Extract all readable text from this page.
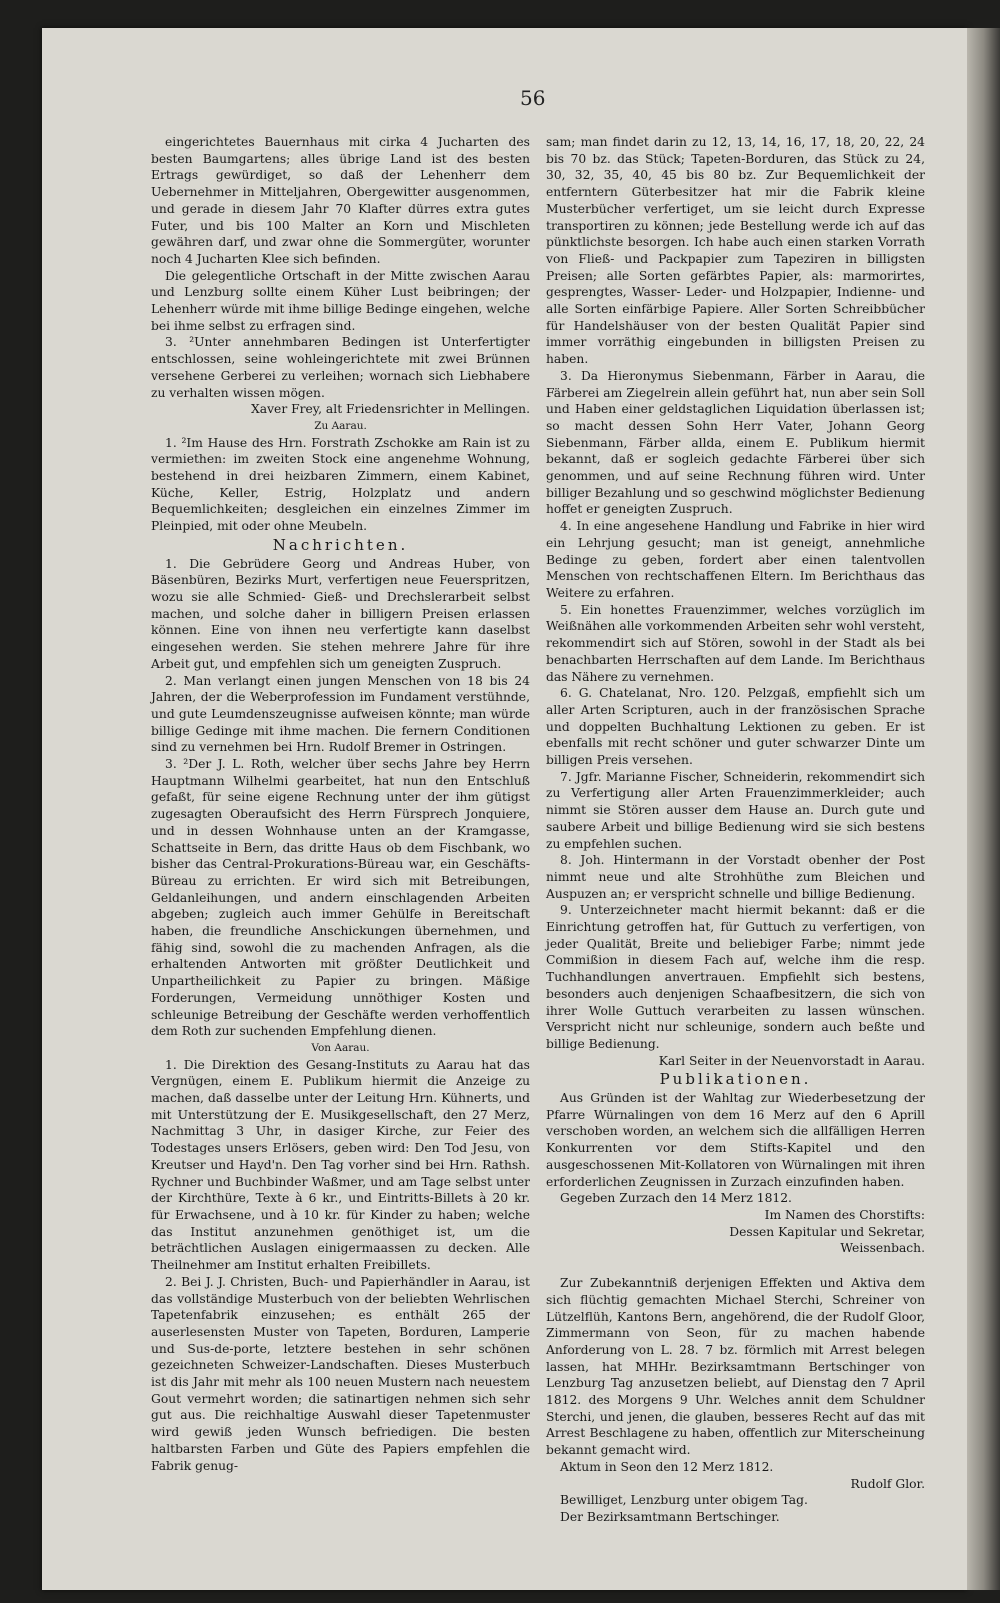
56

eingerichtetes Bauernhaus mit cirka 4 Jucharten des besten Baumgartens; alles übrige Land ist des besten Ertrags gewürdiget, so daß der Lehenherr dem Uebernehmer in Mitteljahren, Obergewitter ausgenommen, und gerade in diesem Jahr 70 Klafter dürres extra gutes Futer, und bis 100 Malter an Korn und Mischleten gewähren darf, und zwar ohne die Sommergüter, worunter noch 4 Jucharten Klee sich befinden.

Die gelegentliche Ortschaft in der Mitte zwischen Aarau und Lenzburg sollte einem Küher Lust beibringen; der Lehenherr würde mit ihme billige Bedinge eingehen, welche bei ihme selbst zu erfragen sind.

3. ²Unter annehmbaren Bedingen ist Unterfertigter entschlossen, seine wohleingerichtete mit zwei Brünnen versehene Gerberei zu verleihen; wornach sich Liebhabere zu verhalten wissen mögen.

Xaver Frey, alt Friedensrichter in Mellingen.

Zu Aarau.

1. ²Im Hause des Hrn. Forstrath Zschokke am Rain ist zu vermiethen: im zweiten Stock eine angenehme Wohnung, bestehend in drei heizbaren Zimmern, einem Kabinet, Küche, Keller, Estrig, Holzplatz und andern Bequemlichkeiten; desgleichen ein einzelnes Zimmer im Pleinpied, mit oder ohne Meubeln.

Nachrichten.

1. Die Gebrüdere Georg und Andreas Huber, von Bäsenbüren, Bezirks Murt, verfertigen neue Feuerspritzen, wozu sie alle Schmied- Gieß- und Drechslerarbeit selbst machen, und solche daher in billigern Preisen erlassen können. Eine von ihnen neu verfertigte kann daselbst eingesehen werden. Sie stehen mehrere Jahre für ihre Arbeit gut, und empfehlen sich um geneigten Zuspruch.

2. Man verlangt einen jungen Menschen von 18 bis 24 Jahren, der die Weberprofession im Fundament verstühnde, und gute Leumdenszeugnisse aufweisen könnte; man würde billige Gedinge mit ihme machen. Die fernern Conditionen sind zu vernehmen bei Hrn. Rudolf Bremer in Ostringen.

3. ²Der J. L. Roth, welcher über sechs Jahre bey Herrn Hauptmann Wilhelmi gearbeitet, hat nun den Entschluß gefaßt, für seine eigene Rechnung unter der ihm gütigst zugesagten Oberaufsicht des Herrn Fürsprech Jonquiere, und in dessen Wohnhause unten an der Kramgasse, Schattseite in Bern, das dritte Haus ob dem Fischbank, wo bisher das Central-Prokurations-Büreau war, ein Geschäfts-Büreau zu errichten. Er wird sich mit Betreibungen, Geldanleihungen, und andern einschlagenden Arbeiten abgeben; zugleich auch immer Gehülfe in Bereitschaft haben, die freundliche Anschickungen übernehmen, und fähig sind, sowohl die zu machenden Anfragen, als die erhaltenden Antworten mit größter Deutlichkeit und Unpartheilichkeit zu Papier zu bringen. Mäßige Forderungen, Vermeidung unnöthiger Kosten und schleunige Betreibung der Geschäfte werden verhoffentlich dem Roth zur suchenden Empfehlung dienen.

Von Aarau.

1. Die Direktion des Gesang-Instituts zu Aarau hat das Vergnügen, einem E. Publikum hiermit die Anzeige zu machen, daß dasselbe unter der Leitung Hrn. Kühnerts, und mit Unterstützung der E. Musikgesellschaft, den 27 Merz, Nachmittag 3 Uhr, in dasiger Kirche, zur Feier des Todestages unsers Erlösers, geben wird: Den Tod Jesu, von Kreutser und Hayd'n. Den Tag vorher sind bei Hrn. Rathsh. Rychner und Buchbinder Waßmer, und am Tage selbst unter der Kirchthüre, Texte à 6 kr., und Eintritts-Billets à 20 kr. für Erwachsene, und à 10 kr. für Kinder zu haben; welche das Institut anzunehmen genöthiget ist, um die beträchtlichen Auslagen einigermaassen zu decken. Alle Theilnehmer am Institut erhalten Freibillets.

2. Bei J. J. Christen, Buch- und Papierhändler in Aarau, ist das vollständige Musterbuch von der beliebten Wehrlischen Tapetenfabrik einzusehen; es enthält 265 der auserlesensten Muster von Tapeten, Borduren, Lamperie und Sus-de-porte, letztere bestehen in sehr schönen gezeichneten Schweizer-Landschaften. Dieses Musterbuch ist dis Jahr mit mehr als 100 neuen Mustern nach neuestem Gout vermehrt worden; die satinartigen nehmen sich sehr gut aus. Die reichhaltige Auswahl dieser Tapetenmuster wird gewiß jeden Wunsch befriedigen. Die besten haltbarsten Farben und Güte des Papiers empfehlen die Fabrik genug-

sam; man findet darin zu 12, 13, 14, 16, 17, 18, 20, 22, 24 bis 70 bz. das Stück; Tapeten-Borduren, das Stück zu 24, 30, 32, 35, 40, 45 bis 80 bz. Zur Bequemlichkeit der entferntern Güterbesitzer hat mir die Fabrik kleine Musterbücher verfertiget, um sie leicht durch Expresse transportiren zu können; jede Bestellung werde ich auf das pünktlichste besorgen. Ich habe auch einen starken Vorrath von Fließ- und Packpapier zum Tapeziren in billigsten Preisen; alle Sorten gefärbtes Papier, als: marmorirtes, gesprengtes, Wasser- Leder- und Holzpapier, Indienne- und alle Sorten einfärbige Papiere. Aller Sorten Schreibbücher für Handelshäuser von der besten Qualität Papier sind immer vorräthig eingebunden in billigsten Preisen zu haben.

3. Da Hieronymus Siebenmann, Färber in Aarau, die Färberei am Ziegelrein allein geführt hat, nun aber sein Soll und Haben einer geldstaglichen Liquidation überlassen ist; so macht dessen Sohn Herr Vater, Johann Georg Siebenmann, Färber allda, einem E. Publikum hiermit bekannt, daß er sogleich gedachte Färberei über sich genommen, und auf seine Rechnung führen wird. Unter billiger Bezahlung und so geschwind möglichster Bedienung hoffet er geneigten Zuspruch.

4. In eine angesehene Handlung und Fabrike in hier wird ein Lehrjung gesucht; man ist geneigt, annehmliche Bedinge zu geben, fordert aber einen talentvollen Menschen von rechtschaffenen Eltern. Im Berichthaus das Weitere zu erfahren.

5. Ein honettes Frauenzimmer, welches vorzüglich im Weißnähen alle vorkommenden Arbeiten sehr wohl versteht, rekommendirt sich auf Stören, sowohl in der Stadt als bei benachbarten Herrschaften auf dem Lande. Im Berichthaus das Nähere zu vernehmen.

6. G. Chatelanat, Nro. 120. Pelzgaß, empfiehlt sich um aller Arten Scripturen, auch in der französischen Sprache und doppelten Buchhaltung Lektionen zu geben. Er ist ebenfalls mit recht schöner und guter schwarzer Dinte um billigen Preis versehen.

7. Jgfr. Marianne Fischer, Schneiderin, rekommendirt sich zu Verfertigung aller Arten Frauenzimmerkleider; auch nimmt sie Stören ausser dem Hause an. Durch gute und saubere Arbeit und billige Bedienung wird sie sich bestens zu empfehlen suchen.

8. Joh. Hintermann in der Vorstadt obenher der Post nimmt neue und alte Strohhüthe zum Bleichen und Auspuzen an; er verspricht schnelle und billige Bedienung.

9. Unterzeichneter macht hiermit bekannt: daß er die Einrichtung getroffen hat, für Guttuch zu verfertigen, von jeder Qualität, Breite und beliebiger Farbe; nimmt jede Commißion in diesem Fach auf, welche ihm die resp. Tuchhandlungen anvertrauen. Empfiehlt sich bestens, besonders auch denjenigen Schaafbesitzern, die sich von ihrer Wolle Guttuch verarbeiten zu lassen wünschen. Verspricht nicht nur schleunige, sondern auch beßte und billige Bedienung.

Karl Seiter in der Neuenvorstadt in Aarau.

Publikationen.

Aus Gründen ist der Wahltag zur Wiederbesetzung der Pfarre Würnalingen von dem 16 Merz auf den 6 Aprill verschoben worden, an welchem sich die allfälligen Herren Konkurrenten vor dem Stifts-Kapitel und den ausgeschossenen Mit-Kollatoren von Würnalingen mit ihren erforderlichen Zeugnissen in Zurzach einzufinden haben.

Gegeben Zurzach den 14 Merz 1812.

Im Namen des Chorstifts:

Dessen Kapitular und Sekretar,

Weissenbach.

Zur Zubekanntniß derjenigen Effekten und Aktiva dem sich flüchtig gemachten Michael Sterchi, Schreiner von Lützelflüh, Kantons Bern, angehörend, die der Rudolf Gloor, Zimmermann von Seon, für zu machen habende Anforderung von L. 28. 7 bz. förmlich mit Arrest belegen lassen, hat MHHr. Bezirksamtmann Bertschinger von Lenzburg Tag anzusetzen beliebt, auf Dienstag den 7 April 1812. des Morgens 9 Uhr. Welches annit dem Schuldner Sterchi, und jenen, die glauben, besseres Recht auf das mit Arrest Beschlagene zu haben, offentlich zur Miterscheinung bekannt gemacht wird.

Aktum in Seon den 12 Merz 1812.

Rudolf Glor.

Bewilliget, Lenzburg unter obigem Tag.

Der Bezirksamtmann Bertschinger.
